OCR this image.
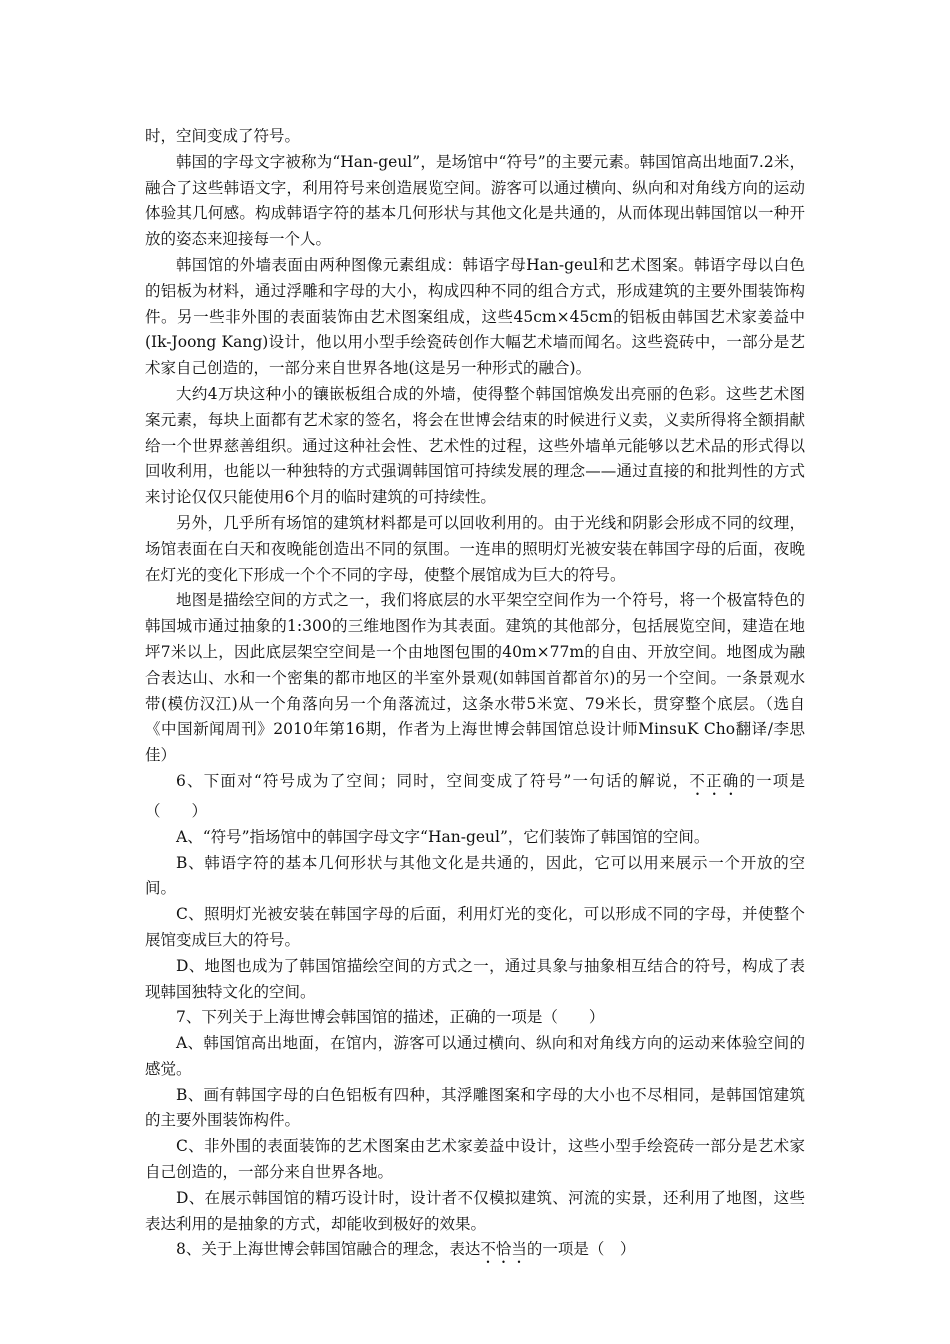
时，空间变成了符号。

韩国的字母文字被称为“Han-geul”，是场馆中“符号”的主要元素。韩国馆高出地面7.2米，融合了这些韩语文字，利用符号来创造展览空间。游客可以通过横向、纵向和对角线方向的运动体验其几何感。构成韩语字符的基本几何形状与其他文化是共通的，从而体现出韩国馆以一种开放的姿态来迎接每一个人。

韩国馆的外墙表面由两种图像元素组成：韩语字母Han-geul和艺术图案。韩语字母以白色的铝板为材料，通过浮雕和字母的大小，构成四种不同的组合方式，形成建筑的主要外围装饰构件。另一些非外围的表面装饰由艺术图案组成，这些45cm×45cm的铝板由韩国艺术家姜益中(Ik-Joong Kang)设计，他以用小型手绘瓷砖创作大幅艺术墙而闻名。这些瓷砖中，一部分是艺术家自己创造的，一部分来自世界各地(这是另一种形式的融合)。

大约4万块这种小的镶嵌板组合成的外墙，使得整个韩国馆焕发出亮丽的色彩。这些艺术图案元素，每块上面都有艺术家的签名，将会在世博会结束的时候进行义卖，义卖所得将全额捐献给一个世界慈善组织。通过这种社会性、艺术性的过程，这些外墙单元能够以艺术品的形式得以回收利用，也能以一种独特的方式强调韩国馆可持续发展的理念——通过直接的和批判性的方式来讨论仅仅只能使用6个月的临时建筑的可持续性。

另外，几乎所有场馆的建筑材料都是可以回收利用的。由于光线和阴影会形成不同的纹理，场馆表面在白天和夜晚能创造出不同的氛围。一连串的照明灯光被安装在韩国字母的后面，夜晚在灯光的变化下形成一个个不同的字母，使整个展馆成为巨大的符号。

地图是描绘空间的方式之一，我们将底层的水平架空空间作为一个符号，将一个极富特色的韩国城市通过抽象的1:300的三维地图作为其表面。建筑的其他部分，包括展览空间，建造在地坪7米以上，因此底层架空空间是一个由地图包围的40m×77m的自由、开放空间。地图成为融合表达山、水和一个密集的都市地区的半室外景观(如韩国首都首尔)的另一个空间。一条景观水带(模仿汉江)从一个角落向另一个角落流过，这条水带5米宽、79米长，贯穿整个底层。（选自《中国新闻周刊》2010年第16期，作者为上海世博会韩国馆总设计师MinsuK Cho翻译/李思佳）

6、下面对“符号成为了空间；同时，空间变成了符号”一句话的解说，不正确的一项是（　　）

A、“符号”指场馆中的韩国字母文字“Han-geul”，它们装饰了韩国馆的空间。

B、韩语字符的基本几何形状与其他文化是共通的，因此，它可以用来展示一个开放的空间。

C、照明灯光被安装在韩国字母的后面，利用灯光的变化，可以形成不同的字母，并使整个展馆变成巨大的符号。

D、地图也成为了韩国馆描绘空间的方式之一，通过具象与抽象相互结合的符号，构成了表现韩国独特文化的空间。

7、下列关于上海世博会韩国馆的描述，正确的一项是（　　）

A、韩国馆高出地面，在馆内，游客可以通过横向、纵向和对角线方向的运动来体验空间的感觉。

B、画有韩国字母的白色铝板有四种，其浮雕图案和字母的大小也不尽相同，是韩国馆建筑的主要外围装饰构件。

C、非外围的表面装饰的艺术图案由艺术家姜益中设计，这些小型手绘瓷砖一部分是艺术家自己创造的，一部分来自世界各地。

D、在展示韩国馆的精巧设计时，设计者不仅模拟建筑、河流的实景，还利用了地图，这些表达利用的是抽象的方式，却能收到极好的效果。

8、关于上海世博会韩国馆融合的理念，表达不恰当的一项是（　）
